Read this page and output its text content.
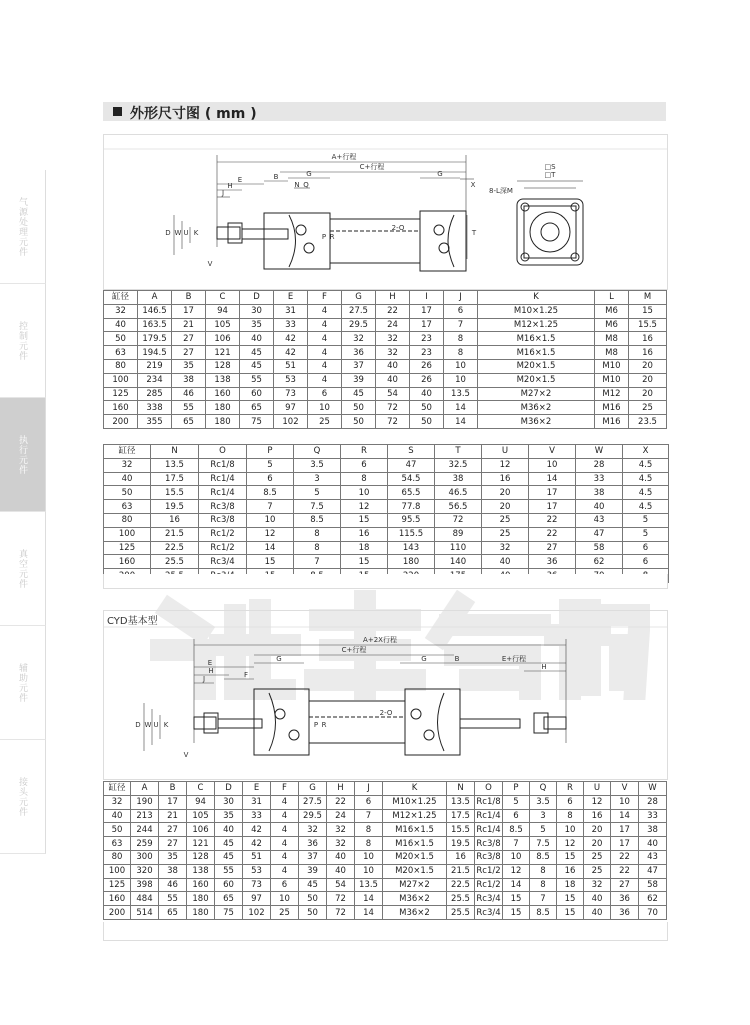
气源处理元件
控制元件
执行元件
真空元件
辅助元件
接头元件
外形尺寸图 ( mm )
A+行程
C+行程
G	G
B
E
H
J
N Q	X
D W U K	P R	T
V
2-O
□S
□T
8-L深M
缸径	A	B	C	D	E	F	G	H	I	J	K	L	M
32	146.5	17	94	30	31	4	27.5	22	17	6	M10×1.25	M6	15
40	163.5	21	105	35	33	4	29.5	24	17	7	M12×1.25	M6	15.5
50	179.5	27	106	40	42	4	32	32	23	8	M16×1.5	M8	16
63	194.5	27	121	45	42	4	36	32	23	8	M16×1.5	M8	16
80	219	35	128	45	51	4	37	40	26	10	M20×1.5	M10	20
100	234	38	138	55	53	4	39	40	26	10	M20×1.5	M10	20
125	285	46	160	60	73	6	45	54	40	13.5	M27×2	M12	20
160	338	55	180	65	97	10	50	72	50	14	M36×2	M16	25
200	355	65	180	75	102	25	50	72	50	14	M36×2	M16	23.5
缸径	N	O	P	Q	R	S	T	U	V	W	X
32	13.5	Rc1/8	5	3.5	6	47	32.5	12	10	28	4.5
40	17.5	Rc1/4	6	3	8	54.5	38	16	14	33	4.5
50	15.5	Rc1/4	8.5	5	10	65.5	46.5	20	17	38	4.5
63	19.5	Rc3/8	7	7.5	12	77.8	56.5	20	17	40	4.5
80	16	Rc3/8	10	8.5	15	95.5	72	25	22	43	5
100	21.5	Rc1/2	12	8	16	115.5	89	25	22	47	5
125	22.5	Rc1/2	14	8	18	143	110	32	27	58	6
160	25.5	Rc3/4	15	7	15	180	140	40	36	62	6

CYD基本型
A+2X行程
C+行程
G	G	B
E	E+行程
H	H
J	F
D W U K	P R
V
2-O
缸径	A	B	C	D	E	F	G	H	J	K	N	O	P	Q	R	U	V	W
32	190	17	94	30	31	4	27.5	22	6	M10×1.25	13.5	Rc1/8	5	3.5	6	12	10	28
40	213	21	105	35	33	4	29.5	24	7	M12×1.25	17.5	Rc1/4	6	3	8	16	14	33
50	244	27	106	40	42	4	32	32	8	M16×1.5	15.5	Rc1/4	8.5	5	10	20	17	38
63	259	27	121	45	42	4	36	32	8	M16×1.5	19.5	Rc3/8	7	7.5	12	20	17	40
80	300	35	128	45	51	4	37	40	10	M20×1.5	16	Rc3/8	10	8.5	15	25	22	43
100	320	38	138	55	53	4	39	40	10	M20×1.5	21.5	Rc1/2	12	8	16	25	22	47
125	398	46	160	60	73	6	45	54	13.5	M27×2	22.5	Rc1/2	14	8	18	32	27	58
160	484	55	180	65	97	10	50	72	14	M36×2	25.5	Rc3/4	15	7	15	40	36	62
200	514	65	180	75	102	25	50	72	14	M36×2	25.5	Rc3/4	15	8.5	15	40	36	70
